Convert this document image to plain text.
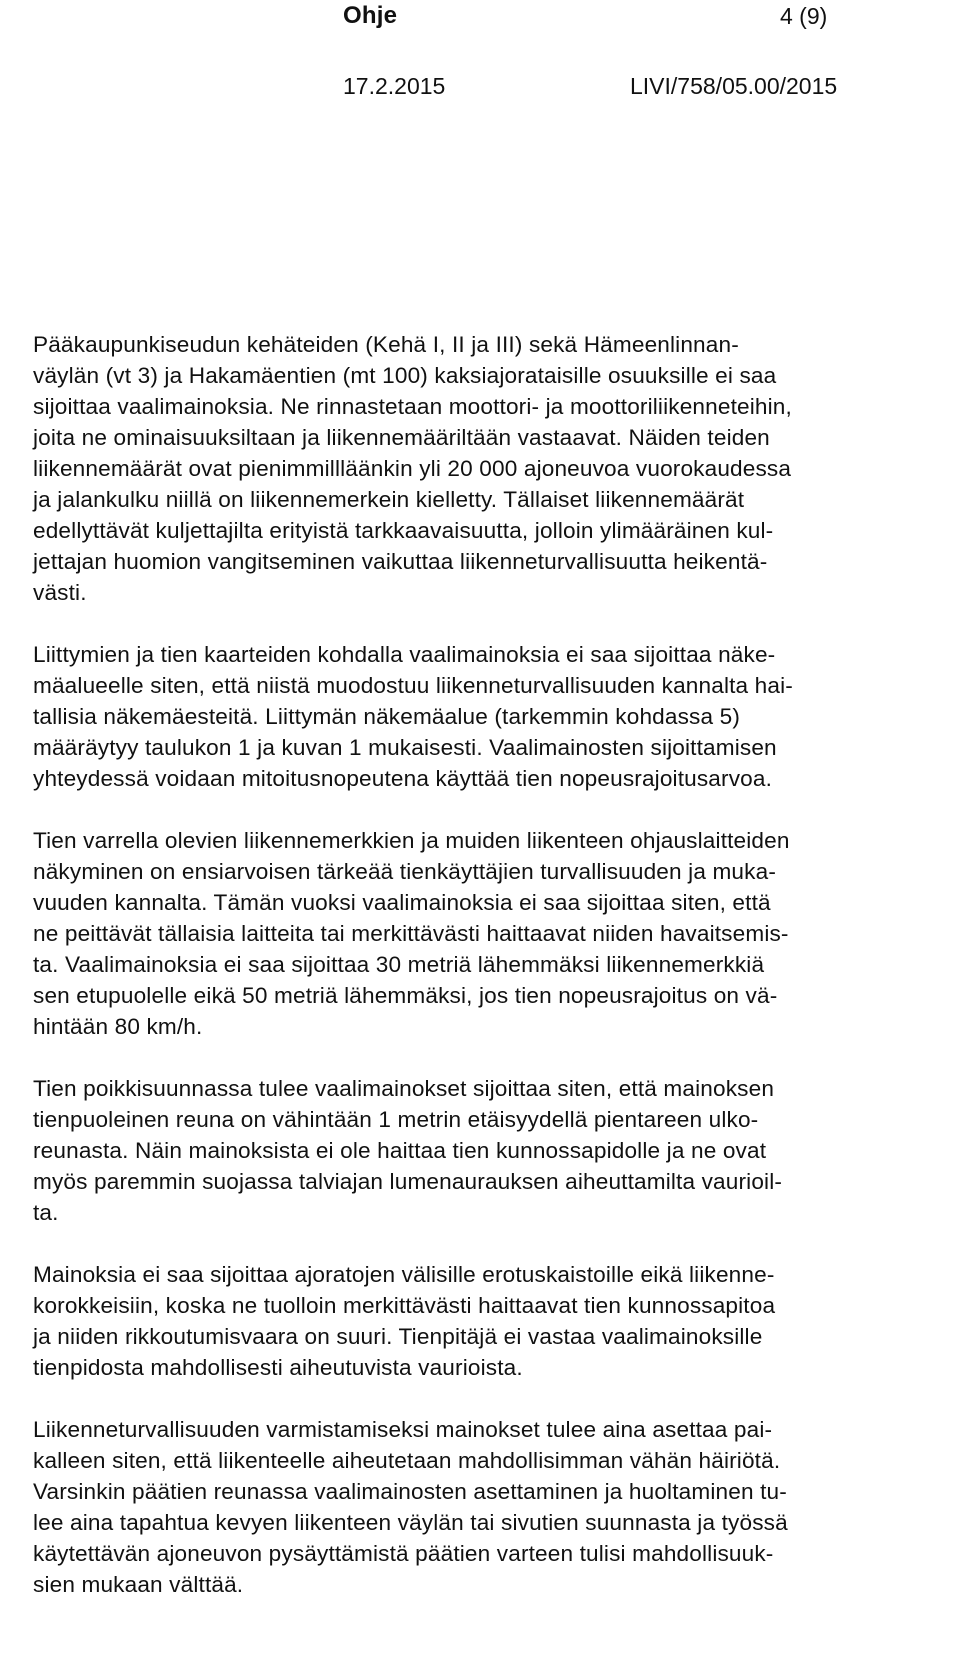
Ohje	4 (9)
17.2.2015	LIVI/758/05.00/2015
Pääkaupunkiseudun kehäteiden (Kehä I, II ja III) sekä Hämeenlinnan-
väylän (vt 3) ja Hakamäentien (mt 100) kaksiajorataisille osuuksille ei saa
sijoittaa vaalimainoksia. Ne rinnastetaan moottori- ja moottoriliikenneteihin,
joita ne ominaisuuksiltaan ja liikennemääriltään vastaavat. Näiden teiden
liikennemäärät ovat pienimmillläänkin yli 20 000 ajoneuvoa vuorokaudessa
ja jalankulku niillä on liikennemerkein kielletty. Tällaiset liikennemäärät
edellyttävät kuljettajilta erityistä tarkkaavaisuutta, jolloin ylimääräinen kul-
jettajan huomion vangitseminen vaikuttaa liikenneturvallisuutta heikentä-
västi.
Liittymien ja tien kaarteiden kohdalla vaalimainoksia ei saa sijoittaa näke-
mäalueelle siten, että niistä muodostuu liikenneturvallisuuden kannalta hai-
tallisia näkemäesteitä. Liittymän näkemäalue (tarkemmin kohdassa 5)
määräytyy taulukon 1 ja kuvan 1 mukaisesti. Vaalimainosten sijoittamisen
yhteydessä voidaan mitoitusnopeutena käyttää tien nopeusrajoitusarvoa.
Tien varrella olevien liikennemerkkien ja muiden liikenteen ohjauslaitteiden
näkyminen on ensiarvoisen tärkeää tienkäyttäjien turvallisuuden ja muka-
vuuden kannalta. Tämän vuoksi vaalimainoksia ei saa sijoittaa siten, että
ne peittävät tällaisia laitteita tai merkittävästi haittaavat niiden havaitsemis-
ta. Vaalimainoksia ei saa sijoittaa 30 metriä lähemmäksi liikennemerkkiä
sen etupuolelle eikä 50 metriä lähemmäksi, jos tien nopeusrajoitus on vä-
hintään 80 km/h.
Tien poikkisuunnassa tulee vaalimainokset sijoittaa siten, että mainoksen
tienpuoleinen reuna on vähintään 1 metrin etäisyydellä pientareen ulko-
reunasta. Näin mainoksista ei ole haittaa tien kunnossapidolle ja ne ovat
myös paremmin suojassa talviajan lumenaurauksen aiheuttamilta vaurioil-
ta.
Mainoksia ei saa sijoittaa ajoratojen välisille erotuskaistoille eikä liikenne-
korokkeisiin, koska ne tuolloin merkittävästi haittaavat tien kunnossapitoa
ja niiden rikkoutumisvaara on suuri. Tienpitäjä ei vastaa vaalimainoksille
tienpidosta mahdollisesti aiheutuvista vaurioista.
Liikenneturvallisuuden varmistamiseksi mainokset tulee aina asettaa pai-
kalleen siten, että liikenteelle aiheutetaan mahdollisimman vähän häiriötä.
Varsinkin päätien reunassa vaalimainosten asettaminen ja huoltaminen tu-
lee aina tapahtua kevyen liikenteen väylän tai sivutien suunnasta ja työssä
käytettävän ajoneuvon pysäyttämistä päätien varteen tulisi mahdollisuuk-
sien mukaan välttää.
